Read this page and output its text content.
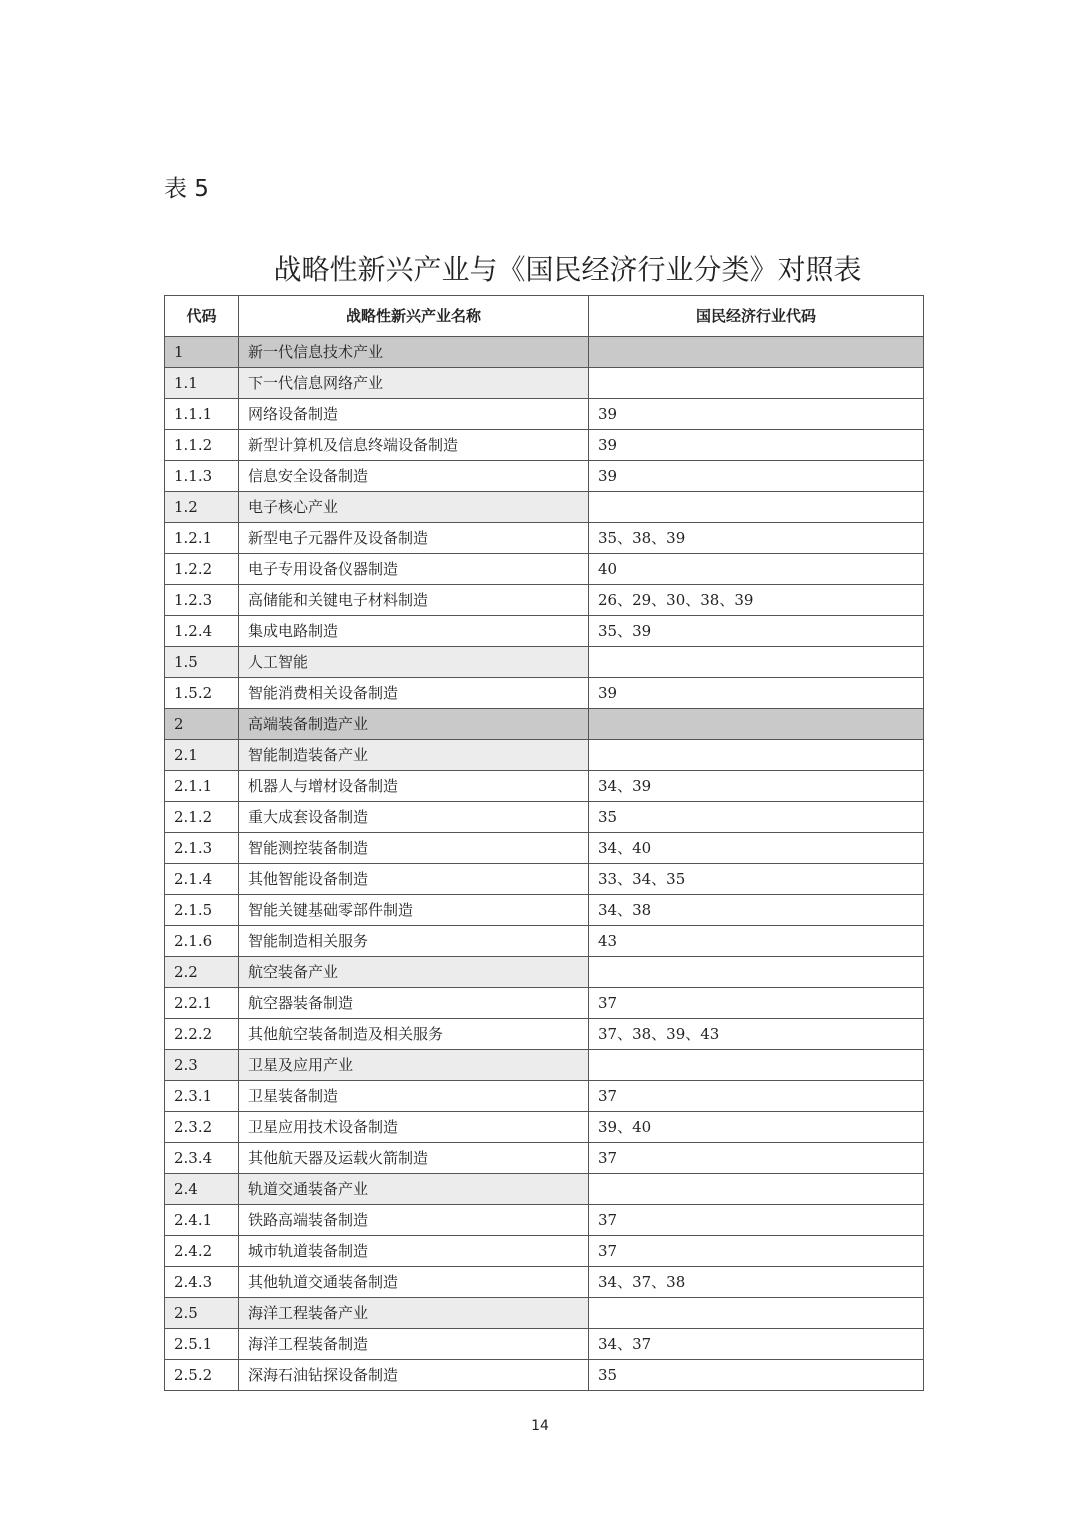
表 5
战略性新兴产业与《国民经济行业分类》对照表
代码	战略性新兴产业名称	国民经济行业代码
1	新一代信息技术产业	
1.1	下一代信息网络产业	
1.1.1	网络设备制造	39
1.1.2	新型计算机及信息终端设备制造	39
1.1.3	信息安全设备制造	39
1.2	电子核心产业	
1.2.1	新型电子元器件及设备制造	35、38、39
1.2.2	电子专用设备仪器制造	40
1.2.3	高储能和关键电子材料制造	26、29、30、38、39
1.2.4	集成电路制造	35、39
1.5	人工智能	
1.5.2	智能消费相关设备制造	39
2	高端装备制造产业	
2.1	智能制造装备产业	
2.1.1	机器人与增材设备制造	34、39
2.1.2	重大成套设备制造	35
2.1.3	智能测控装备制造	34、40
2.1.4	其他智能设备制造	33、34、35
2.1.5	智能关键基础零部件制造	34、38
2.1.6	智能制造相关服务	43
2.2	航空装备产业	
2.2.1	航空器装备制造	37
2.2.2	其他航空装备制造及相关服务	37、38、39、43
2.3	卫星及应用产业	
2.3.1	卫星装备制造	37
2.3.2	卫星应用技术设备制造	39、40
2.3.4	其他航天器及运载火箭制造	37
2.4	轨道交通装备产业	
2.4.1	铁路高端装备制造	37
2.4.2	城市轨道装备制造	37
2.4.3	其他轨道交通装备制造	34、37、38
2.5	海洋工程装备产业	
2.5.1	海洋工程装备制造	34、37
2.5.2	深海石油钻探设备制造	35
14
